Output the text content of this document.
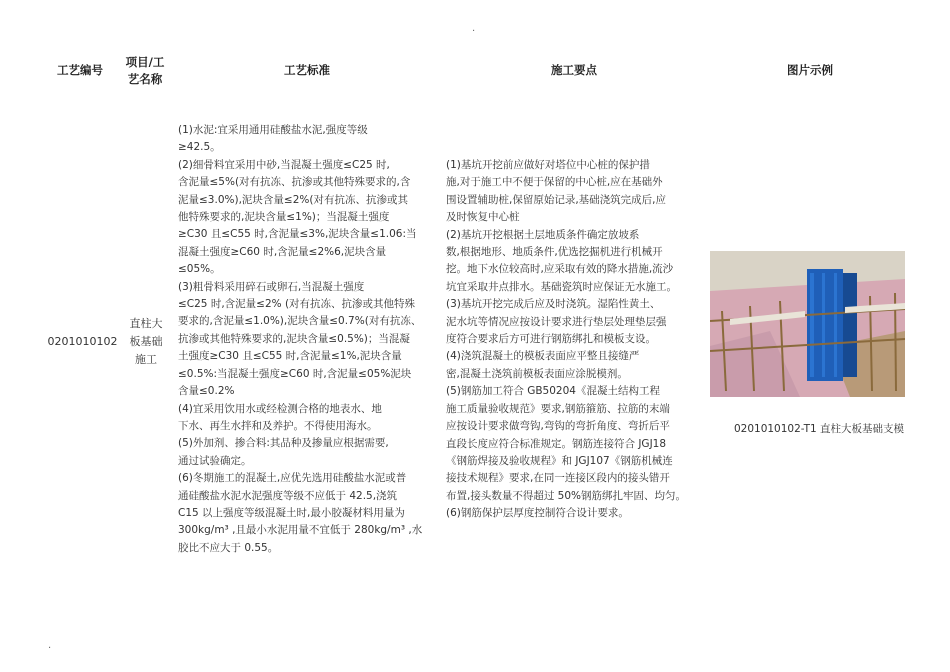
·
工艺编号
项目/工
艺名称
工艺标准	施工要点	图片示例
0201010102
直柱大
板基础
施工

(1)水泥:宜采用通用硅酸盐水泥,强度等级
≥42.5。

(2)细骨料宜采用中砂,当混凝土强度≤C25 时,
含泥量≤5%(对有抗冻、抗渗或其他特殊要求的,含
泥量≤3.0%),泥块含量≤2%(对有抗冻、抗渗或其
他特殊要求的,泥块含量≤1%)；当混凝土强度
≥C30 且≤C55 时,含泥量≤3%,泥块含量≤1.06:当
混凝土强度≥C60 时,含泥量≤2%6,泥块含量
≤05%。

(3)粗骨料采用碎石或卵石,当混凝土强度
≤C25 时,含泥量≤2% (对有抗冻、抗渗或其他特殊
要求的,含泥量≤1.0%),泥块含量≤0.7%(对有抗冻、
抗渗或其他特殊要求的,泥块含量≤0.5%)；当混凝
土强度≥C30 且≤C55 时,含泥量≤1%,泥块含量
≤0.5%:当混凝土强度≥C60 时,含泥量≤05%泥块
含量≤0.2%

(4)宜采用饮用水或经检测合格的地表水、地
下水、再生水拌和及养护。不得使用海水。

(5)外加剂、掺合料:其品种及掺量应根据需要,
通过试验确定。

(6)冬期施工的混凝土,应优先选用硅酸盐水泥或普
通硅酸盐水泥水泥强度等级不应低于 42.5,浇筑
C15 以上强度等级混凝土时,最小胶凝材料用量为
300kg/m³ ,且最小水泥用量不宜低于 280kg/m³ ,水
胶比不应大于 0.55。

(1)基坑开挖前应做好对塔位中心桩的保护措
施,对于施工中不便于保留的中心桩,应在基础外
围设置辅助桩,保留原始记录,基础浇筑完成后,应
及时恢复中心桩

(2)基坑开挖根据土层地质条件确定放坡系
数,根据地形、地质条件,优选挖掘机进行机械开
挖。地下水位较高时,应采取有效的降水措施,流沙
坑宜采取井点排水。基础瓷筑时应保证无水施工。

(3)基坑开挖完成后应及时浇筑。湿陷性黄土、
泥水坑等情况应按设计要求进行垫层处理垫层强
度符合要求后方可进行钢筋绑扎和模板支设。

(4)浇筑混凝土的模板表面应平整且接缝严
密,混凝土浇筑前模板表面应涂脱模剂。

(5)钢筋加工符合 GB50204《混凝土结构工程
施工质量验收规范》要求,钢筋箍筋、拉筋的末端
应按设计要求做弯钩,弯钩的弯折角度、弯折后平
直段长度应符合标准规定。钢筋连接符合 JGJ18
《钢筋焊接及验收规程》和 JGJ107《钢筋机械连
接技术规程》要求,在同一连接区段内的接头错开
布置,接头数量不得超过 50%钢筋绑扎牢固、均匀。

(6)钢筋保护层厚度控制符合设计要求。

0201010102-T1 直柱大板基础支模
.
